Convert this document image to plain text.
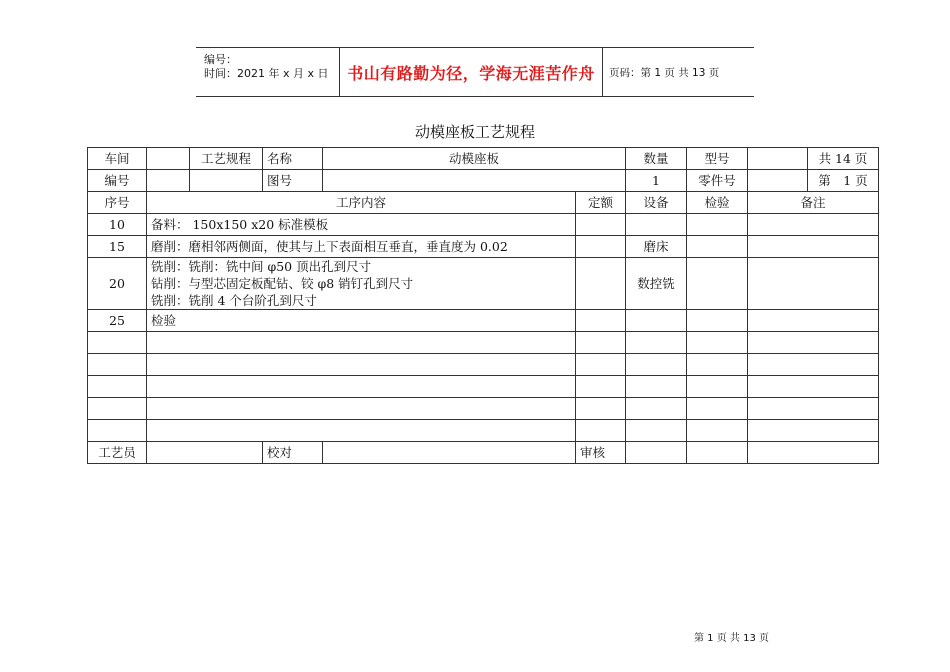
编号：
时间：2021 年 x 月 x 日	书山有路勤为径，学海无涯苦作舟	页码：第 1 页 共 13 页
动模座板工艺规程
车间		工艺规程	名称	动模座板		数量	型号		共 14 页
编号			图号			1	零件号		第　1 页
序号	工序内容				定额	设备	检验	备注	
10	备料： 150x150 x20 标准模板								
15	磨削：磨相邻两侧面，使其与上下表面相互垂直，垂直度为 0.02					磨床			
20	铣削：铣削：铣中间 φ50 顶出孔到尺寸
钻削：与型芯固定板配钻、铰 φ8 销钉孔到尺寸
铣削：铣削 4 个台阶孔到尺寸					数控铣			
25	检验								

工艺员			校对		审核				
第 1 页 共 13 页
